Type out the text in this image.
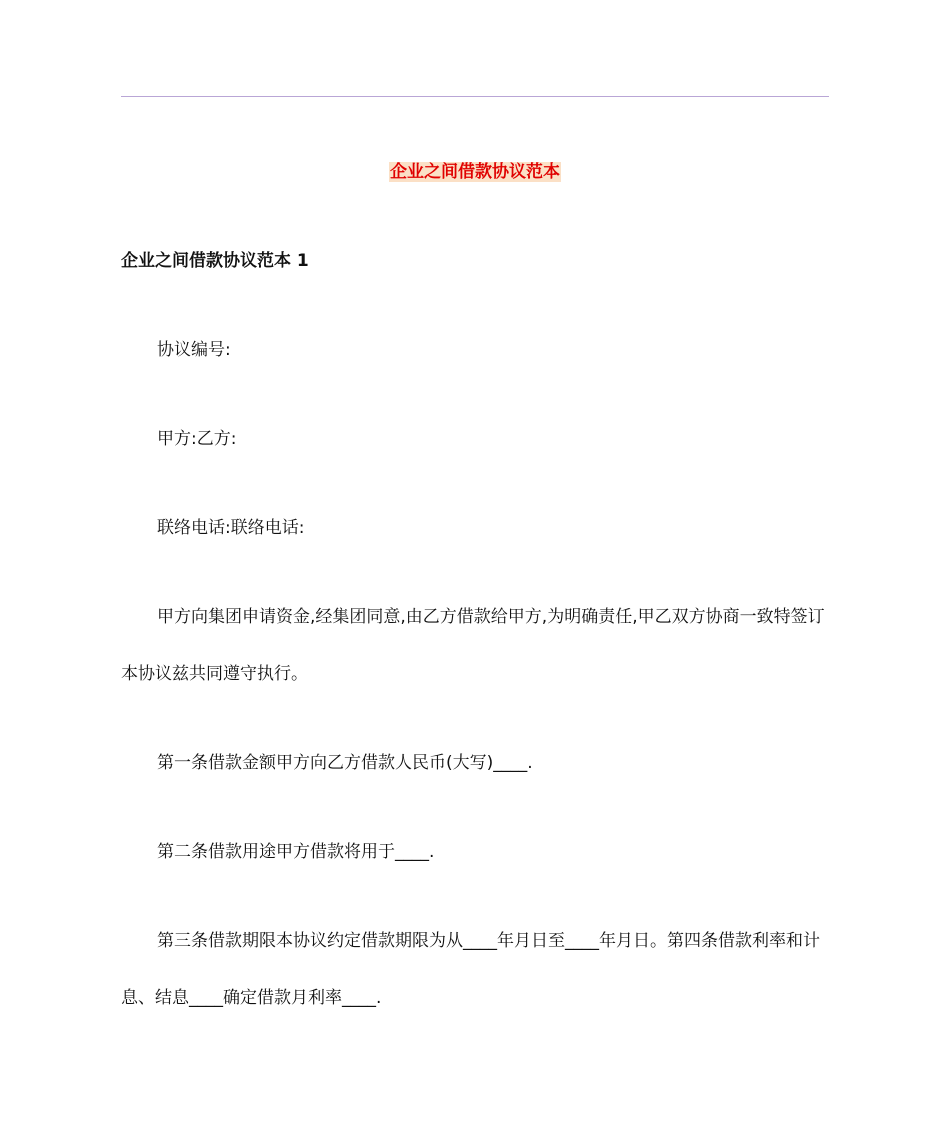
企业之间借款协议范本
企业之间借款协议范本 1

协议编号:

甲方:乙方:

联络电话:联络电话:

甲方向集团申请资金,经集团同意,由乙方借款给甲方,为明确责任,甲乙双方协商一致特签订本协议兹共同遵守执行。

第一条借款金额甲方向乙方借款人民币(大写)____.

第二条借款用途甲方借款将用于____.

第三条借款期限本协议约定借款期限为从____年月日至____年月日。第四条借款利率和计息、结息____确定借款月利率____.
